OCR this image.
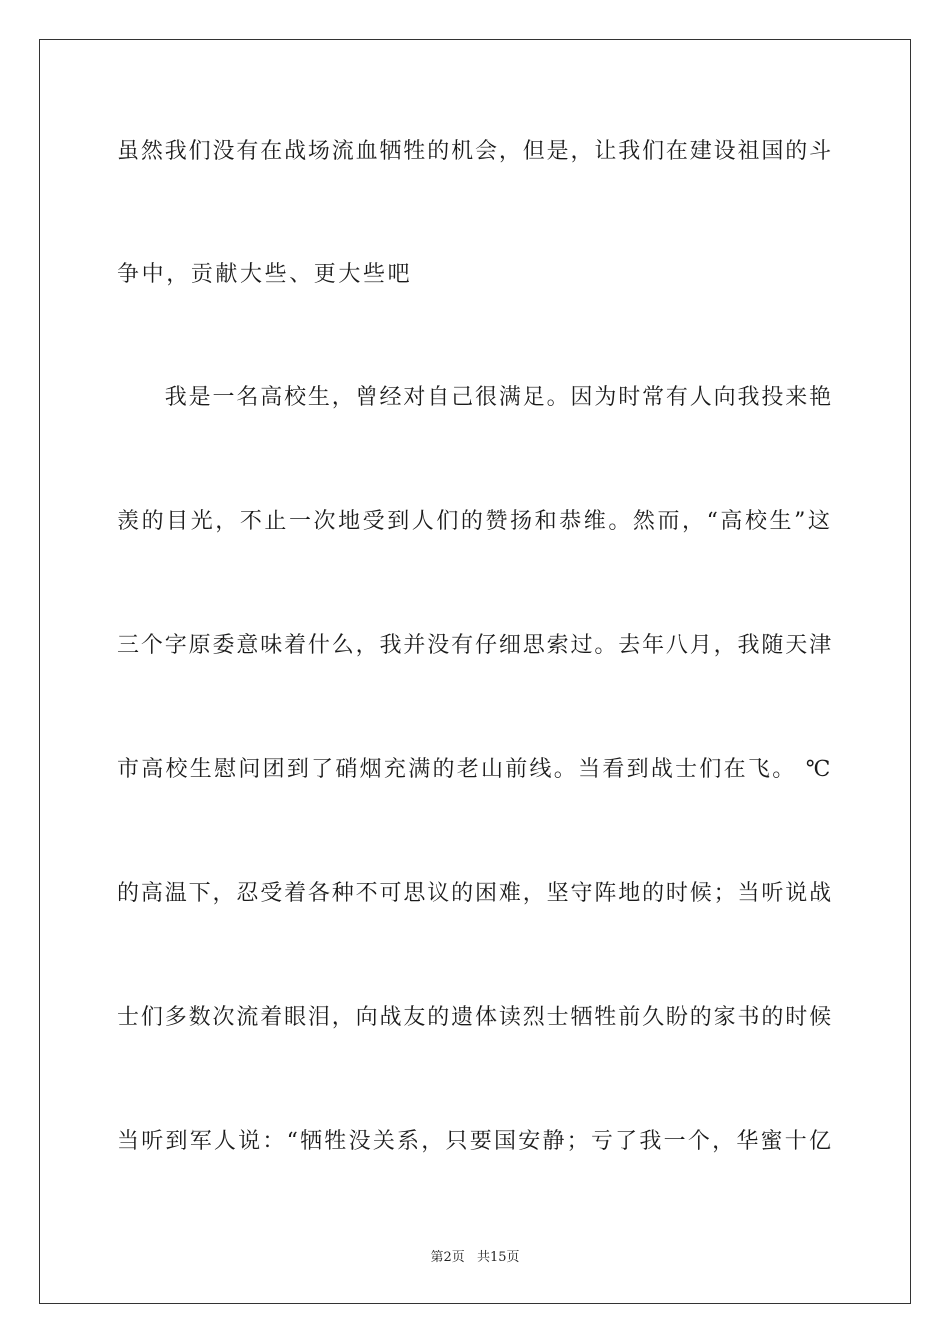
虽然我们没有在战场流血牺牲的机会，但是，让我们在建设祖国的斗
争中，贡献大些、更大些吧
　　我是一名高校生，曾经对自己很满足。因为时常有人向我投来艳
羡的目光，不止一次地受到人们的赞扬和恭维。然而，“高校生”这
三个字原委意味着什么，我并没有仔细思索过。去年八月，我随天津
市高校生慰问团到了硝烟充满的老山前线。当看到战士们在飞。 ℃
的高温下，忍受着各种不可思议的困难，坚守阵地的时候；当听说战
士们多数次流着眼泪，向战友的遗体读烈士牺牲前久盼的家书的时候
当听到军人说：“牺牲没关系，只要国安静；亏了我一个，华蜜十亿
第2页 共15页
